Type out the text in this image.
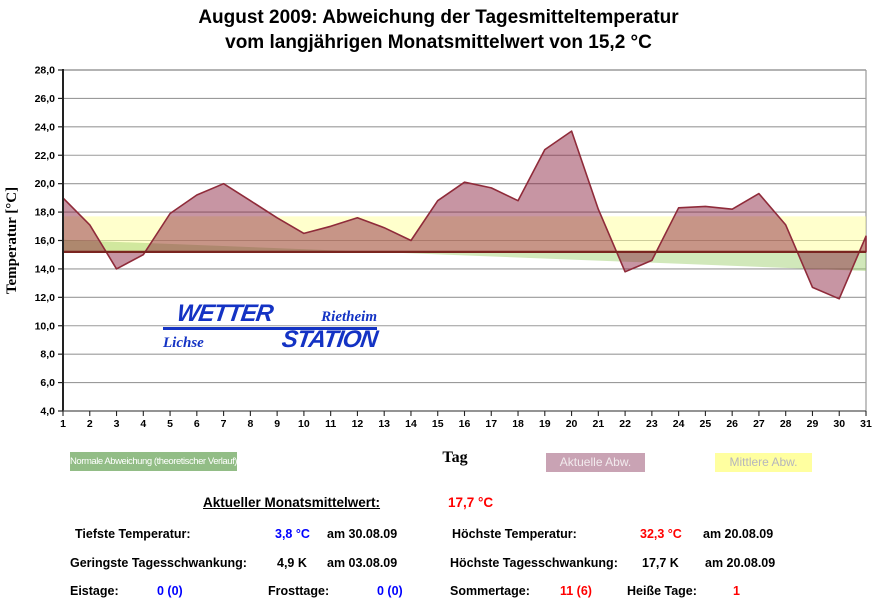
August 2009: Abweichung der Tagesmitteltemperatur
vom langjährigen Monatsmittelwert von 15,2 °C
28,0
26,0
24,0
22,0
20,0
18,0
16,0
14,0
12,0
10,0
8,0
6,0
4,0
1 2 3 4 5 6 7 8 9 10 11 12 13 14 15 16 17 18 19 20 21 22 23 24 25 26 27 28 29 30 31
Temperatur [°C]
WETTER	Rietheim
Lichse	STATION
Normale Abweichung (theoretischer Verlauf)	Tag	Aktuelle Abw.	Mittlere Abw.
Aktueller Monatsmittelwert:	17,7 °C
Tiefste Temperatur:	3,8 °C am 30.08.09	Höchste Temperatur:	32,3 °C am 20.08.09
Geringste Tagesschwankung: 4,9 K am 03.08.09	Höchste Tagesschwankung: 17,7 K am 20.08.09
Eistage:	0 (0)	Frosttage:	0 (0)	Sommertage: 11 (6)	Heiße Tage:	1
